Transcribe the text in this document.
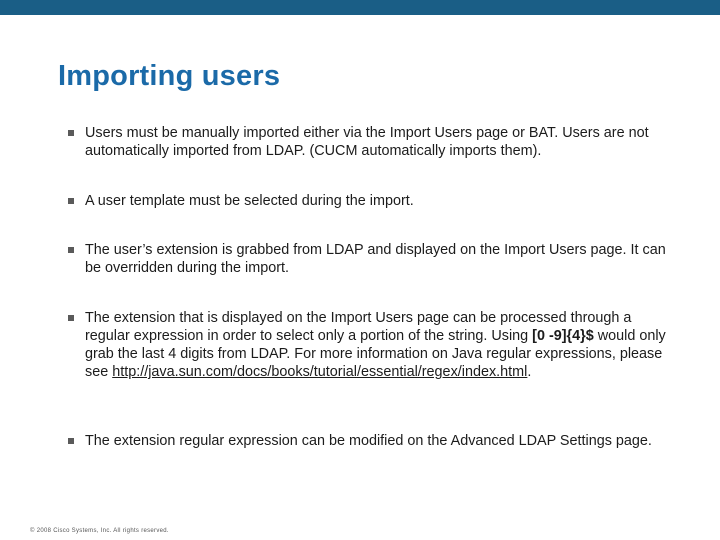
Importing users
Users must be manually imported either via the Import Users page or BAT. Users are not automatically imported from LDAP. (CUCM automatically imports them).
A user template must be selected during the import.
The user’s extension is grabbed from LDAP and displayed on the Import Users page. It can be overridden during the import.
The extension that is displayed on the Import Users page can be processed through a regular expression in order to select only a portion of the string. Using [0 -9]{4}$ would only grab the last 4 digits from LDAP. For more information on Java regular expressions, please see http://java.sun.com/docs/books/tutorial/essential/regex/index.html.
The extension regular expression can be modified on the Advanced LDAP Settings page.
© 2008 Cisco Systems, Inc. All rights reserved.
